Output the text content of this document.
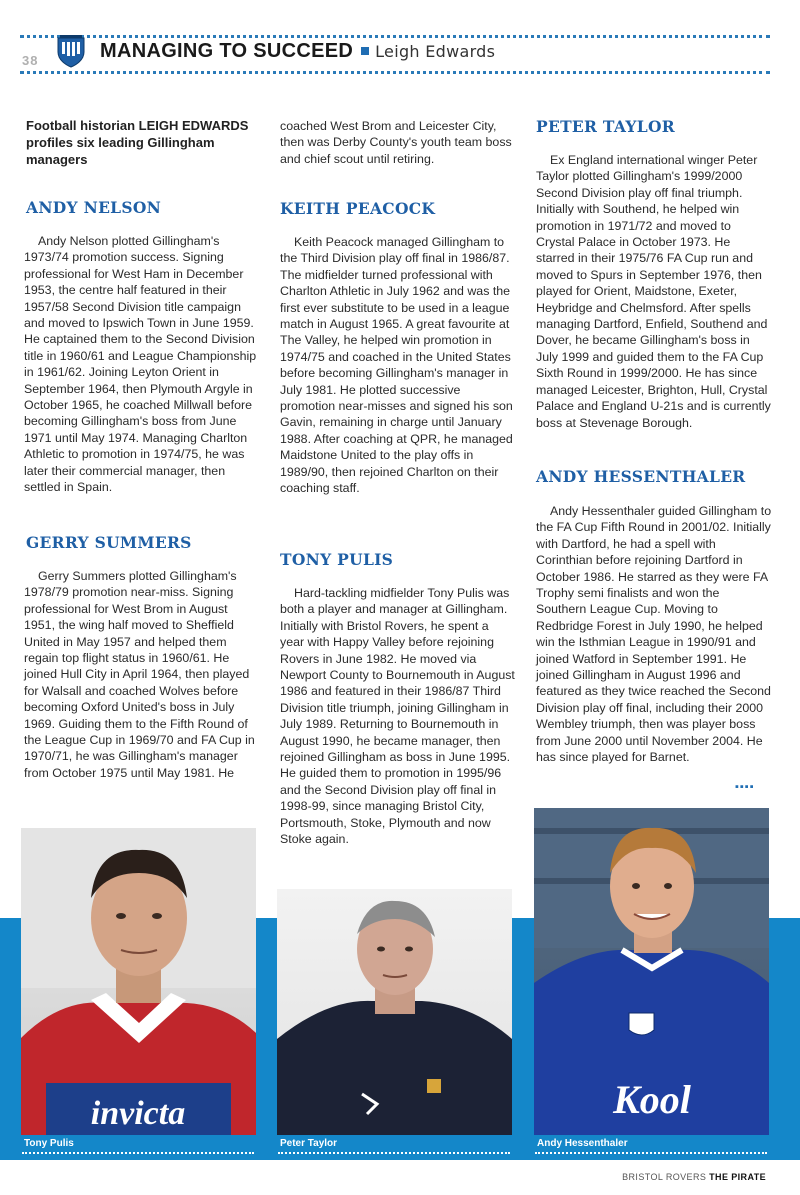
38	MANAGING TO SUCCEED Leigh Edwards
Football historian LEIGH EDWARDS profiles six leading Gillingham managers
ANDY NELSON

Andy Nelson plotted Gillingham's 1973/74 promotion success. Signing professional for West Ham in December 1953, the centre half featured in their 1957/58 Second Division title campaign and moved to Ipswich Town in June 1959. He captained them to the Second Division title in 1960/61 and League Championship in 1961/62. Joining Leyton Orient in September 1964, then Plymouth Argyle in October 1965, he coached Millwall before becoming Gillingham's boss from June 1971 until May 1974. Managing Charlton Athletic to promotion in 1974/75, he was later their commercial manager, then settled in Spain.

GERRY SUMMERS

Gerry Summers plotted Gillingham's 1978/79 promotion near-miss. Signing professional for West Brom in August 1951, the wing half moved to Sheffield United in May 1957 and helped them regain top flight status in 1960/61. He joined Hull City in April 1964, then played for Walsall and coached Wolves before becoming Oxford United's boss in July 1969. Guiding them to the Fifth Round of the League Cup in 1969/70 and FA Cup in 1970/71, he was Gillingham's manager from October 1975 until May 1981. He

coached West Brom and Leicester City, then was Derby County's youth team boss and chief scout until retiring.

KEITH PEACOCK

Keith Peacock managed Gillingham to the Third Division play off final in 1986/87. The midfielder turned professional with Charlton Athletic in July 1962 and was the first ever substitute to be used in a league match in August 1965. A great favourite at The Valley, he helped win promotion in 1974/75 and coached in the United States before becoming Gillingham's manager in July 1981. He plotted successive promotion near-misses and signed his son Gavin, remaining in charge until January 1988. After coaching at QPR, he managed Maidstone United to the play offs in 1989/90, then rejoined Charlton on their coaching staff.

TONY PULIS

Hard-tackling midfielder Tony Pulis was both a player and manager at Gillingham. Initially with Bristol Rovers, he spent a year with Happy Valley before rejoining Rovers in June 1982. He moved via Newport County to Bournemouth in August 1986 and featured in their 1986/87 Third Division title triumph, joining Gillingham in July 1989. Returning to Bournemouth in August 1990, he became manager, then rejoined Gillingham as boss in June 1995. He guided them to promotion in 1995/96 and the Second Division play off final in 1998-99, since managing Bristol City, Portsmouth, Stoke, Plymouth and now Stoke again.

PETER TAYLOR

Ex England international winger Peter Taylor plotted Gillingham's 1999/2000 Second Division play off final triumph. Initially with Southend, he helped win promotion in 1971/72 and moved to Crystal Palace in October 1973. He starred in their 1975/76 FA Cup run and moved to Spurs in September 1976, then played for Orient, Maidstone, Exeter, Heybridge and Chelmsford. After spells managing Dartford, Enfield, Southend and Dover, he became Gillingham's boss in July 1999 and guided them to the FA Cup Sixth Round in 1999/2000. He has since managed Leicester, Brighton, Hull, Crystal Palace and England U-21s and is currently boss at Stevenage Borough.

ANDY HESSENTHALER

Andy Hessenthaler guided Gillingham to the FA Cup Fifth Round in 2001/02. Initially with Dartford, he had a spell with Corinthian before rejoining Dartford in October 1986. He starred as they were FA Trophy semi finalists and won the Southern League Cup. Moving to Redbridge Forest in July 1990, he helped win the Isthmian League in 1990/91 and joined Watford in September 1991. He joined Gillingham in August 1996 and featured as they twice reached the Second Division play off final, including their 2000 Wembley triumph, then was player boss from June 2000 until November 2004. He has since played for Barnet.

▪▪▪▪
invicta
Tony Pulis	Peter Taylor
Kool
Andy Hessenthaler
BRISTOL ROVERS THE PIRATE
